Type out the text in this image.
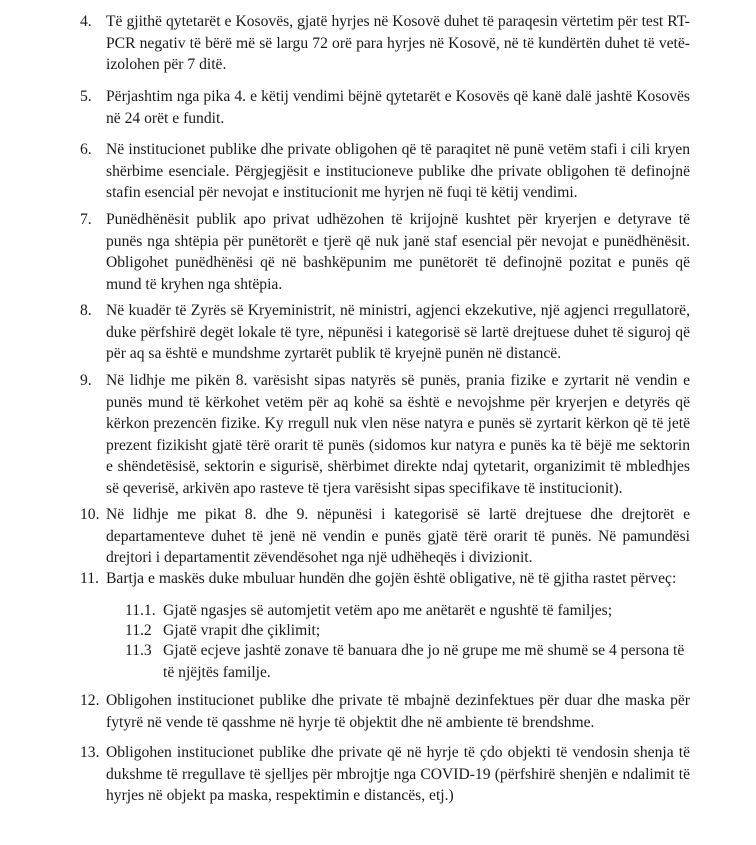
4. Të gjithë qytetarët e Kosovës, gjatë hyrjes në Kosovë duhet të paraqesin vërtetim për test RT-PCR negativ të bërë më së largu 72 orë para hyrjes në Kosovë, në të kundërtën duhet të vetë-izolohen për 7 ditë.
5. Përjashtim nga pika 4. e këtij vendimi bëjnë qytetarët e Kosovës që kanë dalë jashtë Kosovës në 24 orët e fundit.
6. Në institucionet publike dhe private obligohen që të paraqitet në punë vetëm stafi i cili kryen shërbime esenciale. Përgjegjësit e institucioneve publike dhe private obligohen të definojnë stafin esencial për nevojat e institucionit me hyrjen në fuqi të këtij vendimi.
7. Punëdhënësit publik apo privat udhëzohen të krijojnë kushtet për kryerjen e detyrave të punës nga shtëpia për punëtorët e tjerë që nuk janë staf esencial për nevojat e punëdhënësit. Obligohet punëdhënësi që në bashkëpunim me punëtorët të definojnë pozitat e punës që mund të kryhen nga shtëpia.
8. Në kuadër të Zyrës së Kryeministrit, në ministri, agjenci ekzekutive, një agjenci rregullatorë, duke përfshirë degët lokale të tyre, nëpunësi i kategorisë së lartë drejtuese duhet të siguroj që për aq sa është e mundshme zyrtarët publik të kryejnë punën në distancë.
9. Në lidhje me pikën 8. varësisht sipas natyrës së punës, prania fizike e zyrtarit në vendin e punës mund të kërkohet vetëm për aq kohë sa është e nevojshme për kryerjen e detyrës që kërkon prezencën fizike. Ky rregull nuk vlen nëse natyra e punës së zyrtarit kërkon që të jetë prezent fizikisht gjatë tërë orarit të punës (sidomos kur natyra e punës ka të bëjë me sektorin e shëndetësisë, sektorin e sigurisë, shërbimet direkte ndaj qytetarit, organizimit të mbledhjes së qeverisë, arkivën apo rasteve të tjera varësisht sipas specifikave të institucionit).
10. Në lidhje me pikat 8. dhe 9. nëpunësi i kategorisë së lartë drejtuese dhe drejtorët e departamenteve duhet të jenë në vendin e punës gjatë tërë orarit të punës. Në pamundësi drejtori i departamentit zëvendësohet nga një udhëheqës i divizionit.
11. Bartja e maskës duke mbuluar hundën dhe gojën është obligative, në të gjitha rastet përveç:
11.1. Gjatë ngasjes së automjetit vetëm apo me anëtarët e ngushtë të familjes;
11.2 Gjatë vrapit dhe çiklimit;
11.3 Gjatë ecjeve jashtë zonave të banuara dhe jo në grupe me më shumë se 4 persona të të njëjtës familje.
12. Obligohen institucionet publike dhe private të mbajnë dezinfektues për duar dhe maska për fytyrë në vende të qasshme në hyrje të objektit dhe në ambiente të brendshme.
13. Obligohen institucionet publike dhe private që në hyrje të çdo objekti të vendosin shenja të dukshme të rregullave të sjelljes për mbrojtje nga COVID-19 (përfshirë shenjën e ndalimit të hyrjes në objekt pa maska, respektimin e distancës, etj.)
